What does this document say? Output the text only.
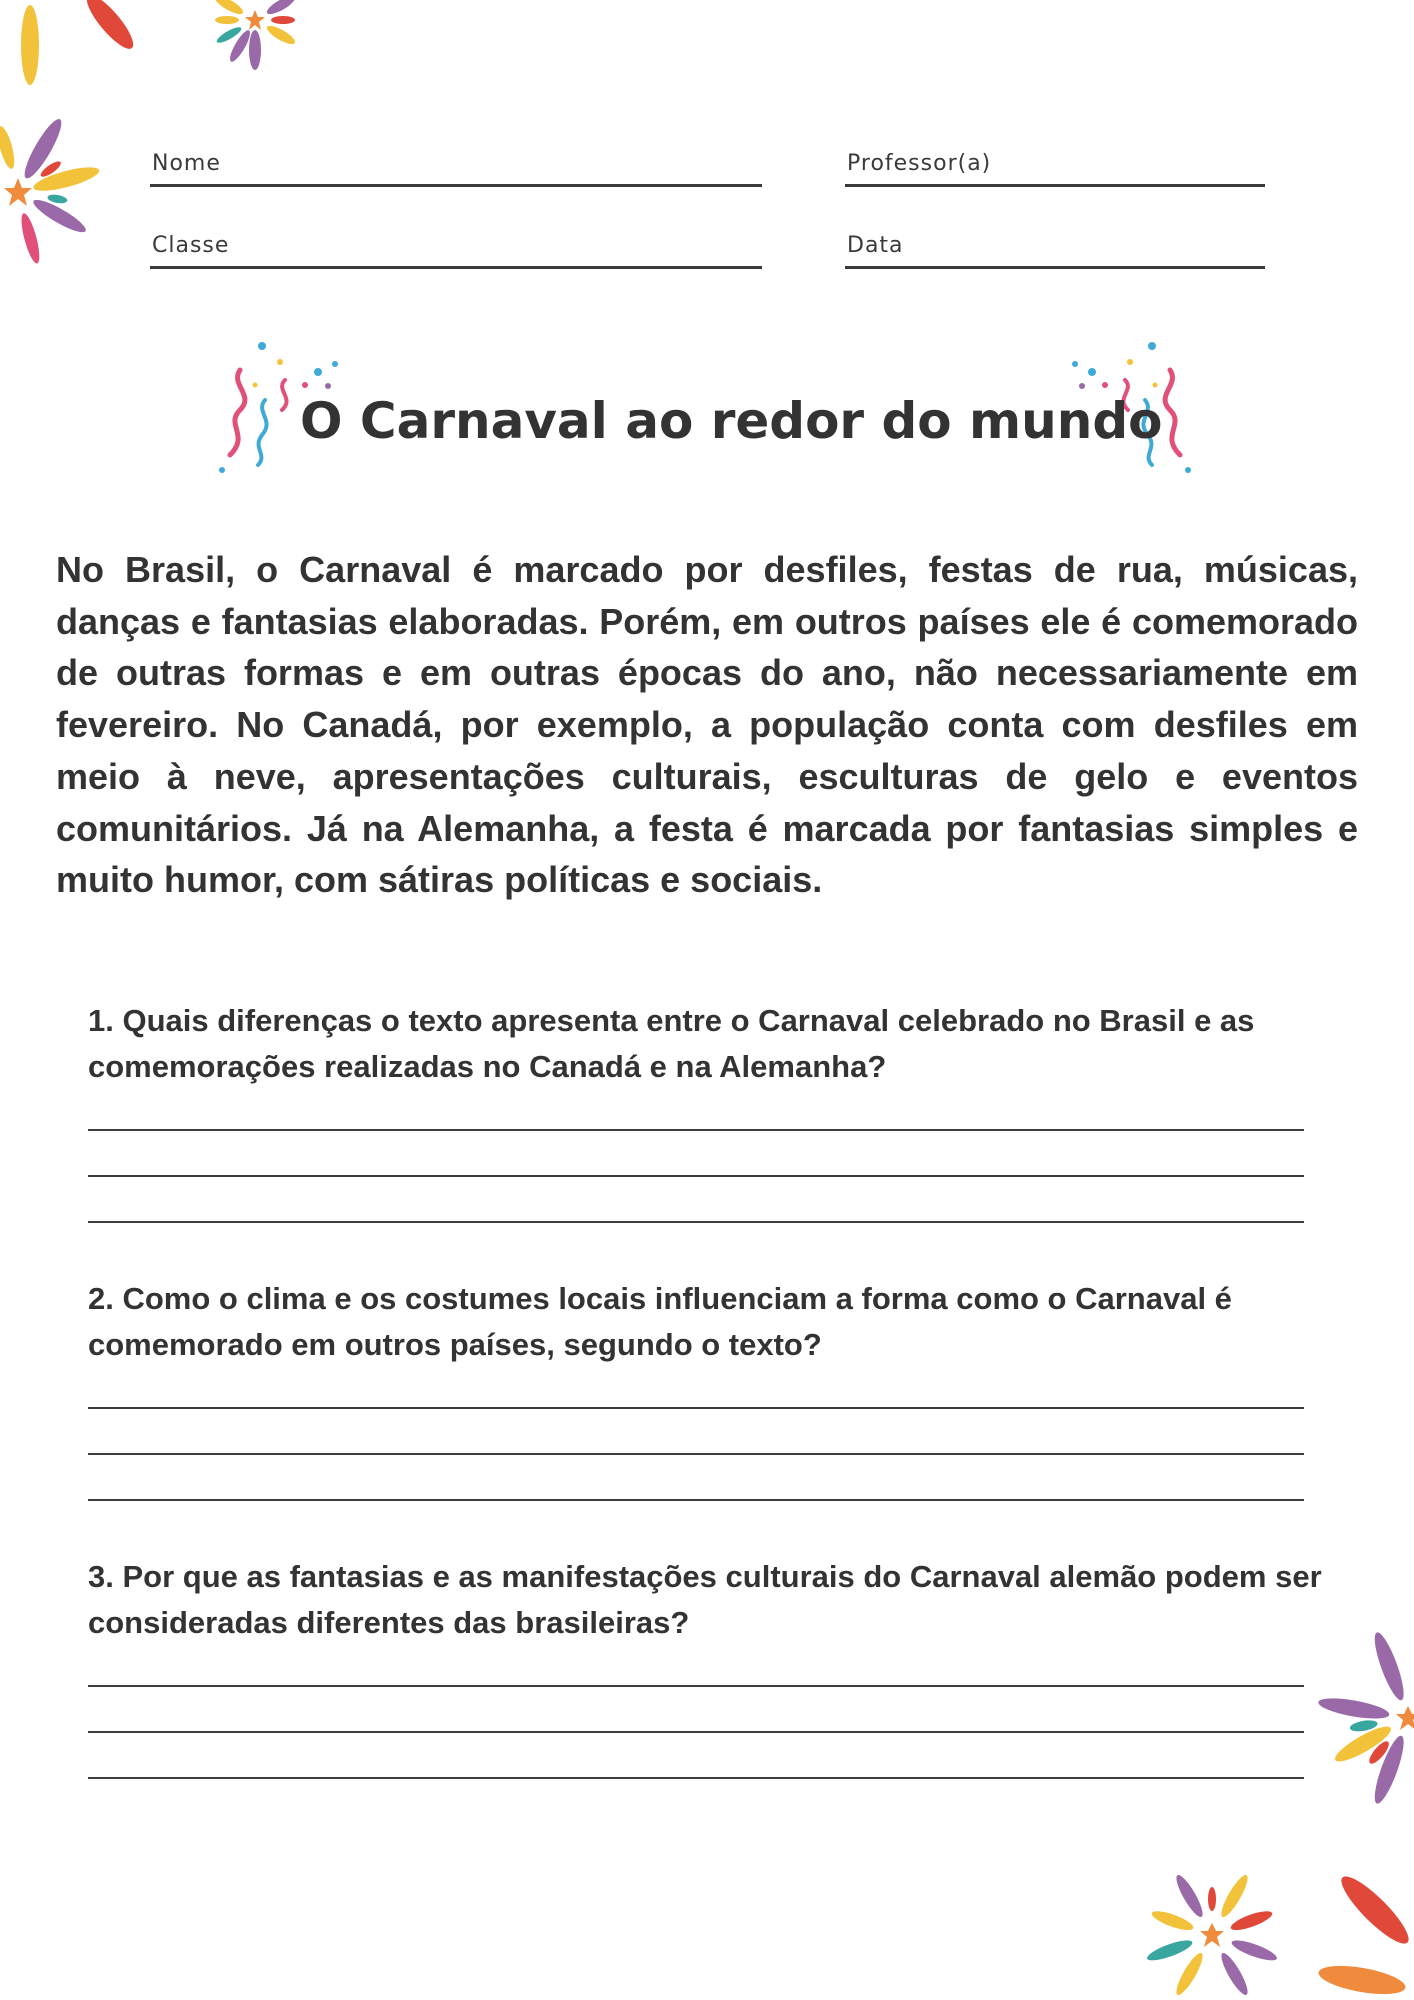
Nome	Professor(a)
Classe	Data
O Carnaval ao redor do mundo

No Brasil, o Carnaval é marcado por desfiles, festas de rua, músicas, danças e fantasias elaboradas. Porém, em outros países ele é comemorado de outras formas e em outras épocas do ano, não necessariamente em fevereiro. No Canadá, por exemplo, a população conta com desfiles em meio à neve, apresentações culturais, esculturas de gelo e eventos comunitários. Já na Alemanha, a festa é marcada por fantasias simples e muito humor, com sátiras políticas e sociais.

1. Quais diferenças o texto apresenta entre o Carnaval celebrado no Brasil e as comemorações realizadas no Canadá e na Alemanha?

2. Como o clima e os costumes locais influenciam a forma como o Carnaval é comemorado em outros países, segundo o texto?

3. Por que as fantasias e as manifestações culturais do Carnaval alemão podem ser consideradas diferentes das brasileiras?
